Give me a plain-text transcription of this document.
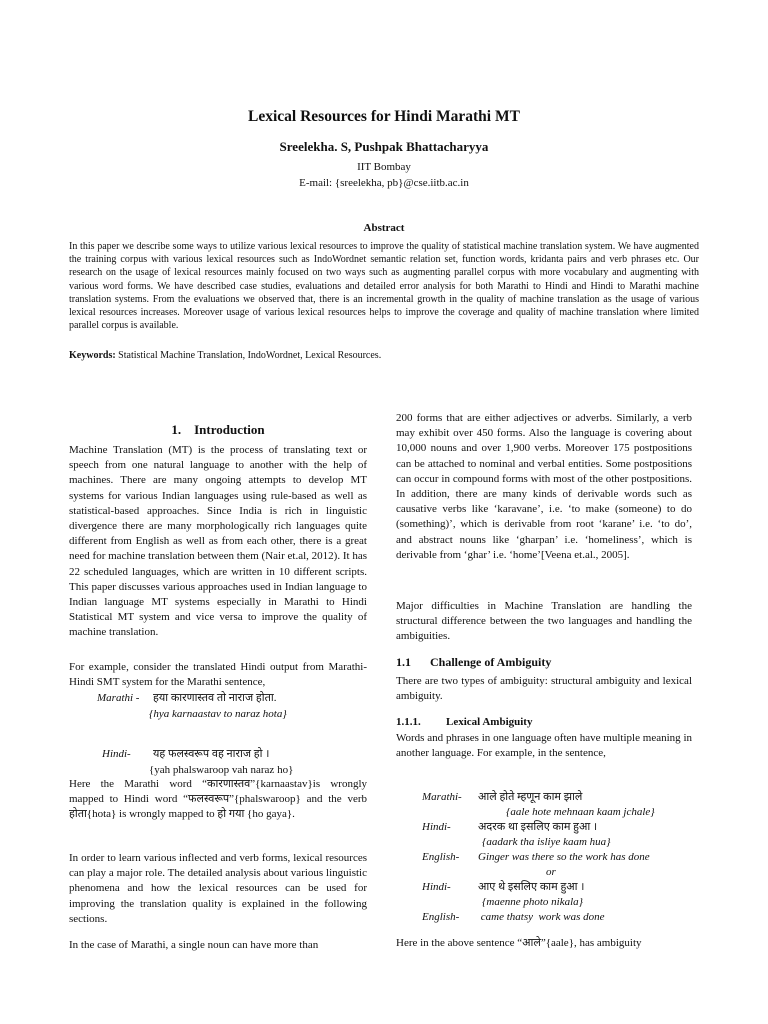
Lexical Resources for Hindi Marathi MT
Sreelekha. S, Pushpak Bhattacharyya
IIT Bombay
E-mail: {sreelekha, pb}@cse.iitb.ac.in
Abstract
In this paper we describe some ways to utilize various lexical resources to improve the quality of statistical machine translation system. We have augmented the training corpus with various lexical resources such as IndoWordnet semantic relation set, function words, kridanta pairs and verb phrases etc. Our research on the usage of lexical resources mainly focused on two ways such as augmenting parallel corpus with more vocabulary and augmenting with various word forms. We have described case studies, evaluations and detailed error analysis for both Marathi to Hindi and Hindi to Marathi machine translation systems. From the evaluations we observed that, there is an incremental growth in the quality of machine translation as the usage of various lexical resources increases. Moreover usage of various lexical resources helps to improve the coverage and quality of machine translation where limited parallel corpus is available.
Keywords: Statistical Machine Translation, IndoWordnet, Lexical Resources.
1.    Introduction
Machine Translation (MT) is the process of translating text or speech from one natural language to another with the help of machines. There are many ongoing attempts to develop MT systems for various Indian languages using rule-based as well as statistical-based approaches. Since India is rich in linguistic divergence there are many morphologically rich languages quite different from English as well as from each other, there is a great need for machine translation between them (Nair et.al, 2012). It has 22 scheduled languages, which are written in 10 different scripts. This paper discusses various approaches used in Indian language to Indian language MT systems especially in Marathi to Hindi Statistical MT system and vice versa to improve the quality of machine translation.
For example, consider the translated Hindi output from Marathi-Hindi SMT system for the Marathi sentence,
Marathi - हया कारणास्तव तो नाराज होता.
{hya karnaastav to naraz hota}
Hindi- यह फलस्वरूप वह नाराज हो ।
{yah phalswaroop vah naraz ho}
Here the Marathi word “कारणास्तव”{karnaastav}is wrongly mapped to Hindi word “फलस्वरूप”{phalswaroop} and the verb होता{hota} is wrongly mapped to हो गया {ho gaya}.
In order to learn various inflected and verb forms, lexical resources can play a major role. The detailed analysis about various linguistic phenomena and how the lexical resources can be used for improving the translation quality is explained in the following sections.
In the case of Marathi, a single noun can have more than
200 forms that are either adjectives or adverbs. Similarly, a verb may exhibit over 450 forms. Also the language is covering about 10,000 nouns and over 1,900 verbs. Moreover 175 postpositions can be attached to nominal and verbal entities. Some postpositions can occur in compound forms with most of the other postpositions. In addition, there are many kinds of derivable words such as causative verbs like ‘karavane’, i.e. ‘to make (someone) to do (something)’, which is derivable from root ‘karane’ i.e. ‘to do’, and abstract nouns like ‘gharpan’ i.e. ‘homeliness’, which is derivable from ‘ghar’ i.e. ‘home’[Veena et.al., 2005].
Major difficulties in Machine Translation are handling the structural difference between the two languages and handling the ambiguities.
1.1 Challenge of Ambiguity
There are two types of ambiguity: structural ambiguity and lexical ambiguity.
1.1.1. Lexical Ambiguity
Words and phrases in one language often have multiple meaning in another language. For example, in the sentence,
Marathi- आले होते म्हणून काम झाले
{aale hote mehnaan kaam jchale}
Hindi- अदरक था इसलिए काम हुआ ।
{aadark tha isliye kaam hua}
English- Ginger was there so the work has done
or
Hindi- आए थे इसलिए काम हुआ ।
{maenne photo nikala}
English- came thatsy  work was done
Here in the above sentence “आले”{aale}, has ambiguity
